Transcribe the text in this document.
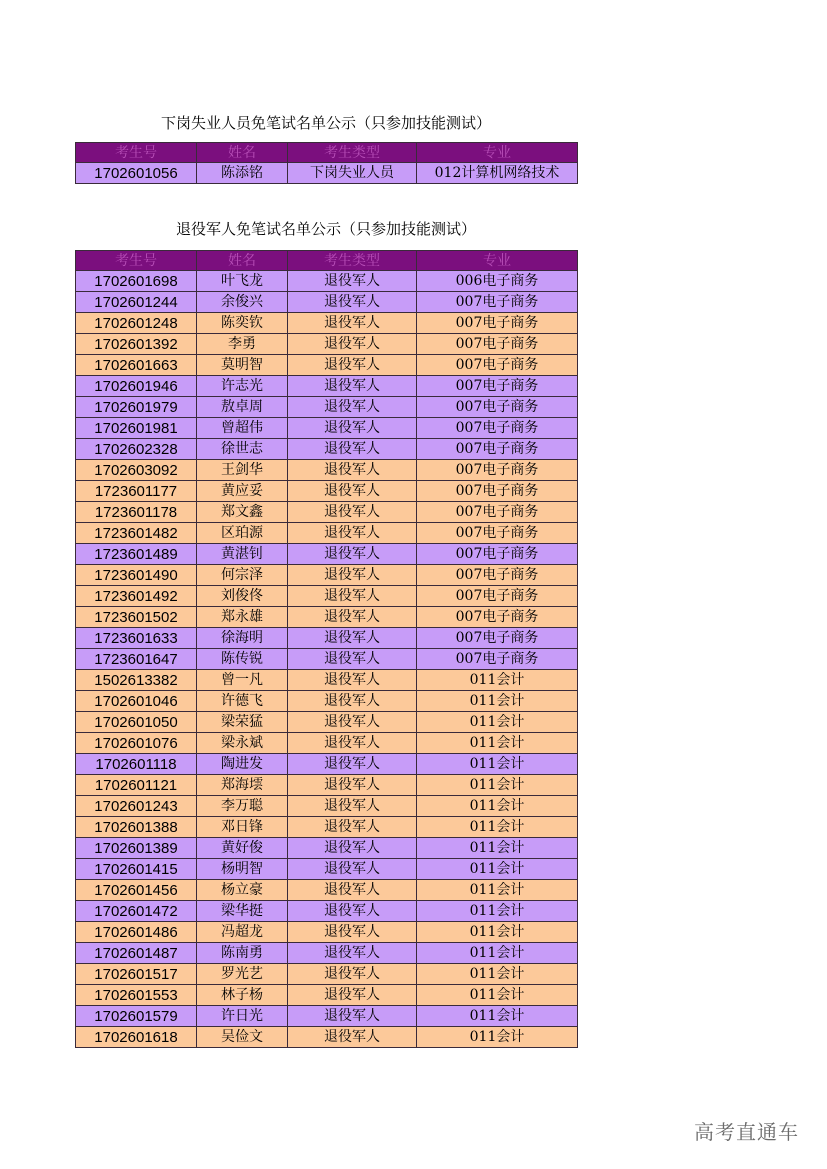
下岗失业人员免笔试名单公示（只参加技能测试）
考生号	姓名	考生类型	专业
1702601056	陈添铭	下岗失业人员	012计算机网络技术
退役军人免笔试名单公示（只参加技能测试）
考生号	姓名	考生类型	专业
1702601698	叶飞龙	退役军人	006电子商务
1702601244	余俊兴	退役军人	007电子商务
1702601248	陈奕钦	退役军人	007电子商务
1702601392	李勇	退役军人	007电子商务
1702601663	莫明智	退役军人	007电子商务
1702601946	许志光	退役军人	007电子商务
1702601979	敖卓周	退役军人	007电子商务
1702601981	曾超伟	退役军人	007电子商务
1702602328	徐世志	退役军人	007电子商务
1702603092	王剑华	退役军人	007电子商务
1723601177	黄应妥	退役军人	007电子商务
1723601178	郑文鑫	退役军人	007电子商务
1723601482	区珀源	退役军人	007电子商务
1723601489	黄湛钊	退役军人	007电子商务
1723601490	何宗泽	退役军人	007电子商务
1723601492	刘俊佟	退役军人	007电子商务
1723601502	郑永雄	退役军人	007电子商务
1723601633	徐海明	退役军人	007电子商务
1723601647	陈传锐	退役军人	007电子商务
1502613382	曾一凡	退役军人	011会计
1702601046	许德飞	退役军人	011会计
1702601050	梁荣猛	退役军人	011会计
1702601076	梁永斌	退役军人	011会计
1702601118	陶进发	退役军人	011会计
1702601121	郑海墵	退役军人	011会计
1702601243	李万聪	退役军人	011会计
1702601388	邓日锋	退役军人	011会计
1702601389	黄好俊	退役军人	011会计
1702601415	杨明智	退役军人	011会计
1702601456	杨立豪	退役军人	011会计
1702601472	梁华挺	退役军人	011会计
1702601486	冯超龙	退役军人	011会计
1702601487	陈南勇	退役军人	011会计
1702601517	罗光艺	退役军人	011会计
1702601553	林子杨	退役军人	011会计
1702601579	许日光	退役军人	011会计
1702601618	吴俭文	退役军人	011会计
高考直通车
